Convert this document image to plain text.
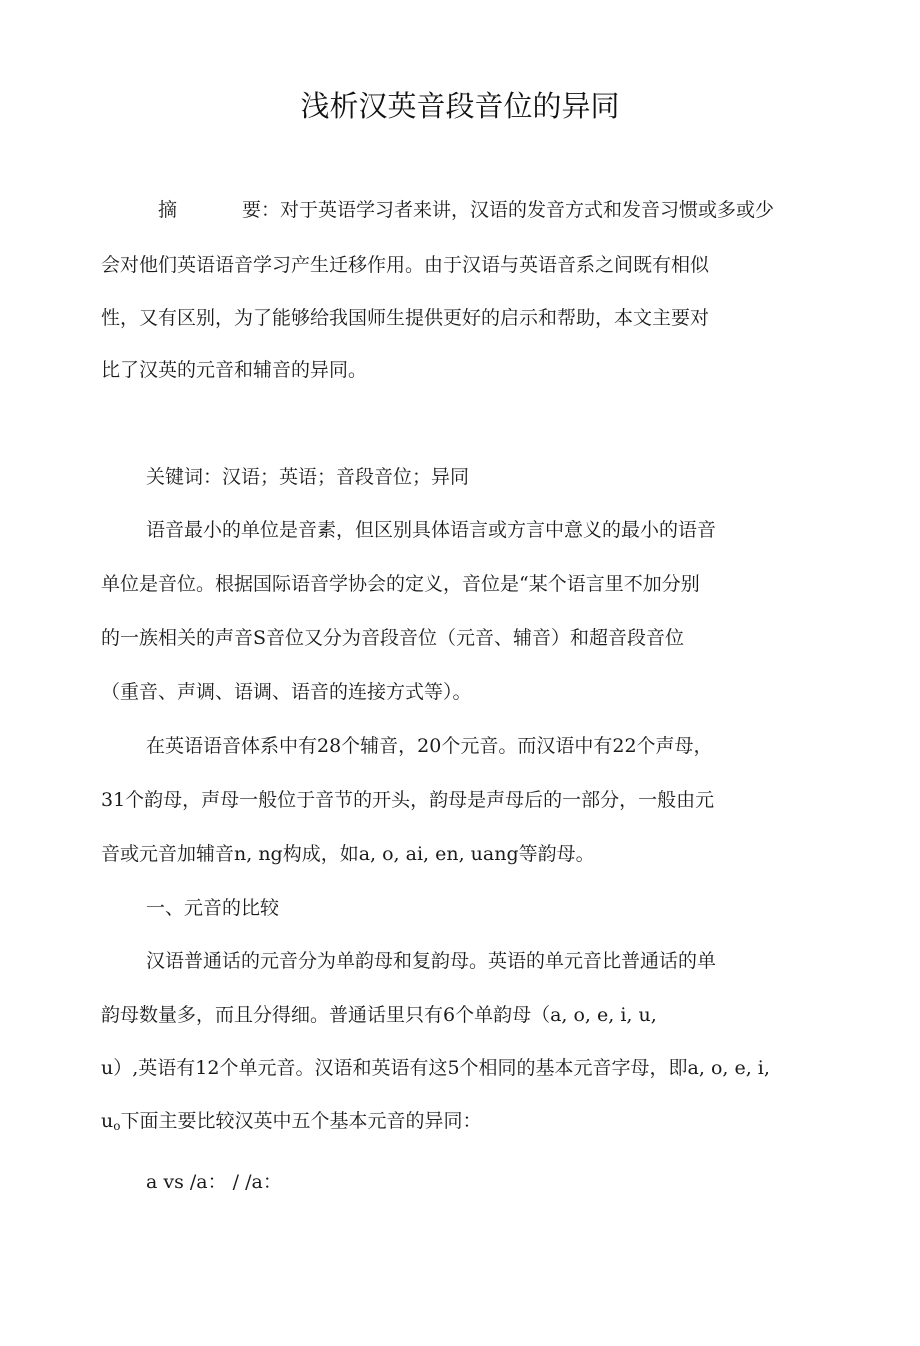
浅析汉英音段音位的异同
摘	要：对于英语学习者来讲，汉语的发音方式和发音习惯或多或少
会对他们英语语音学习产生迁移作用。由于汉语与英语音系之间既有相似
性，又有区别，为了能够给我国师生提供更好的启示和帮助，本文主要对
比了汉英的元音和辅音的异同。
关键词：汉语；英语；音段音位；异同
语音最小的单位是音素，但区别具体语言或方言中意义的最小的语音
单位是音位。根据国际语音学协会的定义，音位是“某个语言里不加分别
的一族相关的声音S音位又分为音段音位（元音、辅音）和超音段音位
（重音、声调、语调、语音的连接方式等）。
在英语语音体系中有28个辅音，20个元音。而汉语中有22个声母，
31个韵母，声母一般位于音节的开头，韵母是声母后的一部分，一般由元
音或元音加辅音n, ng构成，如a, o, ai, en, uang等韵母。
一、元音的比较
汉语普通话的元音分为单韵母和复韵母。英语的单元音比普通话的单
韵母数量多，而且分得细。普通话里只有6个单韵母（a, o, e, i, u,
u）,英语有12个单元音。汉语和英语有这5个相同的基本元音字母，即a, o, e, i,
$u_o$下面主要比较汉英中五个基本元音的异同：
a vs /a： / /a：
